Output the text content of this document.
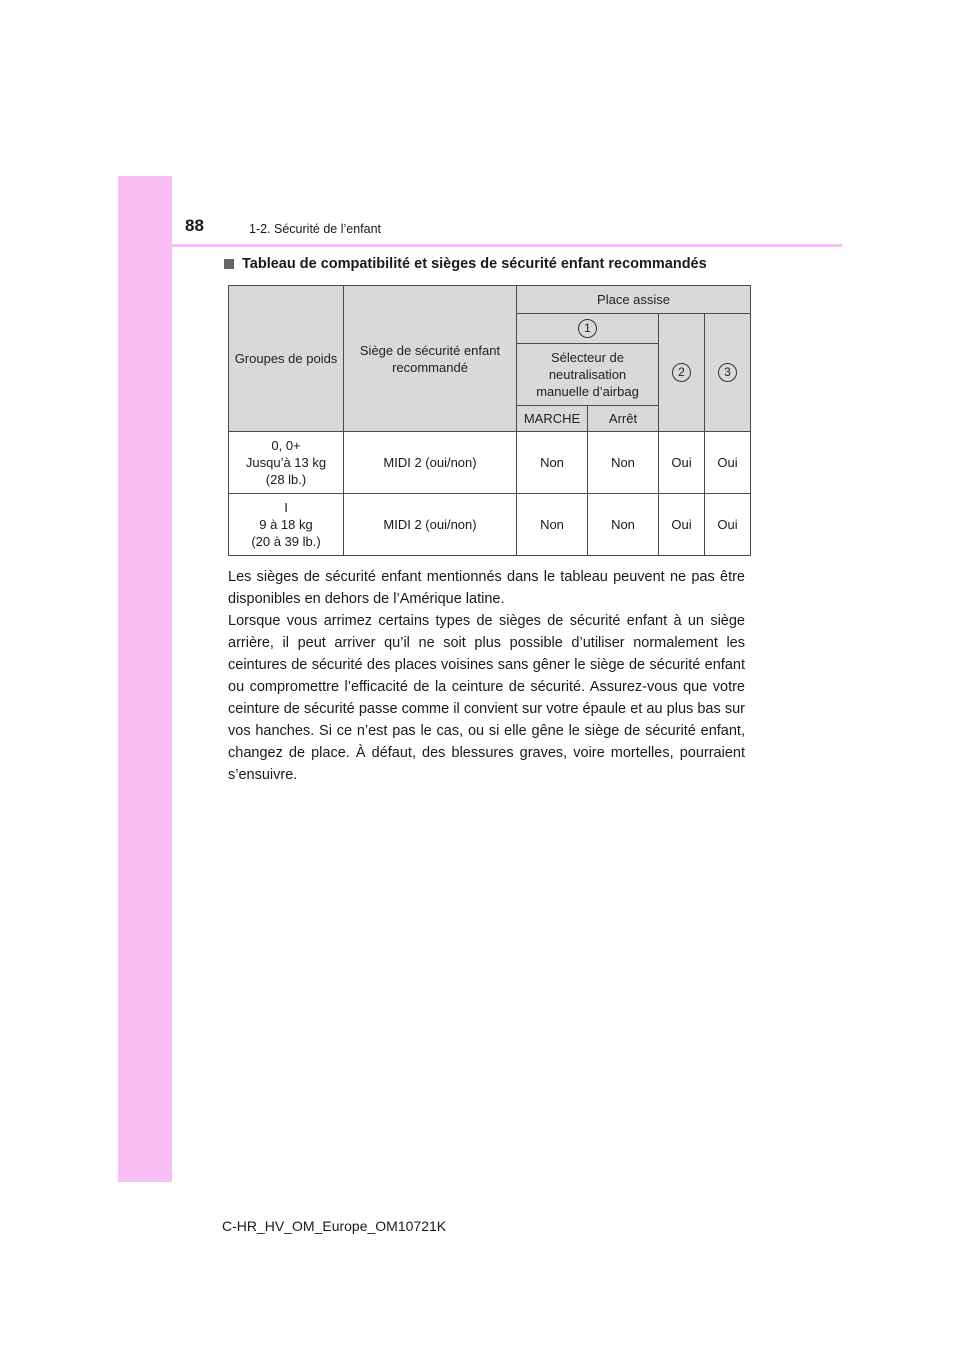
88	1-2. Sécurité de l’enfant
Tableau de compatibilité et sièges de sécurité enfant recommandés
Groupes de poids	Siège de sécurité enfant recommandé	Place assise			
		1		2	3
		Sélecteur de neutralisation manuelle d’airbag			
		MARCHE	Arrêt		
0, 0+
Jusqu’à 13 kg
(28 lb.)	MIDI 2 (oui/non)	Non	Non	Oui	Oui
I
9 à 18 kg
(20 à 39 lb.)	MIDI 2 (oui/non)	Non	Non	Oui	Oui

Les sièges de sécurité enfant mentionnés dans le tableau peuvent ne pas être disponibles en dehors de l’Amérique latine.

Lorsque vous arrimez certains types de sièges de sécurité enfant à un siège arrière, il peut arriver qu’il ne soit plus possible d’utiliser normalement les ceintures de sécurité des places voisines sans gêner le siège de sécurité enfant ou compromettre l’efficacité de la ceinture de sécurité. Assurez-vous que votre ceinture de sécurité passe comme il convient sur votre épaule et au plus bas sur vos hanches. Si ce n’est pas le cas, ou si elle gêne le siège de sécurité enfant, changez de place. À défaut, des blessures graves, voire mortelles, pourraient s’ensuivre.

C-HR_HV_OM_Europe_OM10721K
